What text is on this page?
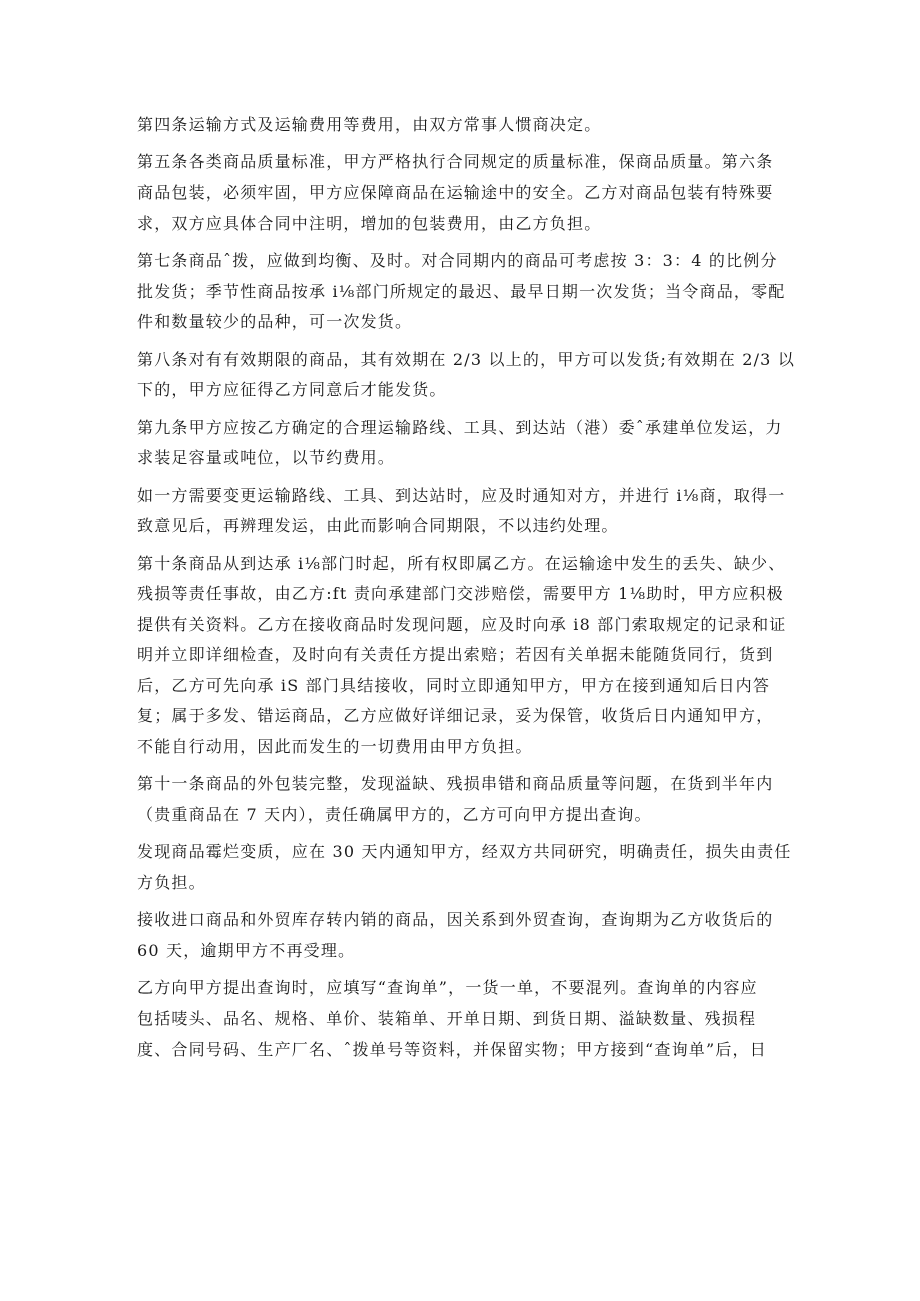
第四条运输方式及运输费用等费用，由双方常事人惯商决定。

第五条各类商品质量标准，甲方严格执行合同规定的质量标准，保商品质量。第六条
商品包装，必须牢固，甲方应保障商品在运输途中的安全。乙方对商品包装有特殊要
求，双方应具体合同中注明，增加的包装费用，由乙方负担。

第七条商品ˆ拨，应做到均衡、及时。对合同期内的商品可考虑按 3：3：4 的比例分
批发货；季节性商品按承 i⅛部门所规定的最迟、最早日期一次发货；当令商品，零配
件和数量较少的品种，可一次发货。

第八条对有有效期限的商品，其有效期在 2/3 以上的，甲方可以发货;有效期在 2/3 以
下的，甲方应征得乙方同意后才能发货。

第九条甲方应按乙方确定的合理运输路线、工具、到达站（港）委ˆ承建单位发运，力
求装足容量或吨位，以节约费用。

如一方需要变更运输路线、工具、到达站时，应及时通知对方，并进行 i⅛商，取得一
致意见后，再辨理发运，由此而影响合同期限，不以违约处理。

第十条商品从到达承 i⅛部门时起，所有权即属乙方。在运输途中发生的丢失、缺少、
残损等责任事故，由乙方:ft 责向承建部门交涉赔偿，需要甲方 1⅛助时，甲方应积极
提供有关资料。乙方在接收商品时发现问题，应及时向承 i8 部门索取规定的记录和证
明并立即详细检查，及时向有关责任方提出索赔；若因有关单据未能随货同行，货到
后，乙方可先向承 iS 部门具结接收，同时立即通知甲方，甲方在接到通知后日内答
复；属于多发、错运商品，乙方应做好详细记录，妥为保管，收货后日内通知甲方，
不能自行动用，因此而发生的一切费用由甲方负担。

第十一条商品的外包装完整，发现溢缺、残损串错和商品质量等问题，在货到半年内
（贵重商品在 7 天内），责任确属甲方的，乙方可向甲方提出查询。

发现商品霉烂变质，应在 30 天内通知甲方，经双方共同研究，明确责任，损失由责任
方负担。

接收进口商品和外贸库存转内销的商品，因关系到外贸查询，查询期为乙方收货后的
60 天，逾期甲方不再受理。

乙方向甲方提出查询时，应填写“查询单”，一货一单，不要混列。查询单的内容应
包括唛头、品名、规格、单价、装箱单、开单日期、到货日期、溢缺数量、残损程
度、合同号码、生产厂名、ˆ拨单号等资料，并保留实物；甲方接到“查询单”后，日
